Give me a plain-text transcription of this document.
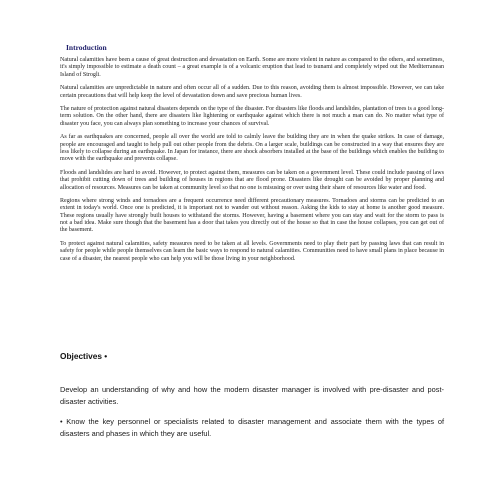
Introduction

Natural calamities have been a cause of great destruction and devastation on Earth. Some are more violent in nature as compared to the others, and sometimes, it's simply impossible to estimate a death count – a great example is of a volcanic eruption that lead to tsunami and completely wiped out the Mediterranean Island of Strogli.

Natural calamities are unpredictable in nature and often occur all of a sudden. Due to this reason, avoiding them is almost impossible. However, we can take certain precautions that will help keep the level of devastation down and save precious human lives.

The nature of protection against natural disasters depends on the type of the disaster. For disasters like floods and landslides, plantation of trees is a good long-term solution. On the other hand, there are disasters like lightening or earthquake against which there is not much a man can do. No matter what type of disaster you face, you can always plan something to increase your chances of survival.

As far as earthquakes are concerned, people all over the world are told to calmly leave the building they are in when the quake strikes. In case of damage, people are encouraged and taught to help pull out other people from the debris. On a larger scale, buildings can be constructed in a way that ensures they are less likely to collapse during an earthquake. In Japan for instance, there are shock absorbers installed at the base of the buildings which enables the building to move with the earthquake and prevents collapse.

Floods and landslides are hard to avoid. However, to protect against them, measures can be taken on a government level. These could include passing of laws that prohibit cutting down of trees and building of houses in regions that are flood prone. Disasters like drought can be avoided by proper planning and allocation of resources. Measures can be taken at community level so that no one is misusing or over using their share of resources like water and food.

Regions where strong winds and tornadoes are a frequent occurrence need different precautionary measures. Tornadoes and storms can be predicted to an extent in today's world. Once one is predicted, it is important not to wander out without reason. Asking the kids to stay at home is another good measure. These regions usually have strongly built houses to withstand the storms. However, having a basement where you can stay and wait for the storm to pass is not a bad idea. Make sure though that the basement has a door that takes you directly out of the house so that in case the house collapses, you can get out of the basement.

To protect against natural calamities, safety measures need to be taken at all levels. Governments need to play their part by passing laws that can result in safety for people while people themselves can learn the basic ways to respond to natural calamities. Communities need to have small plans in place because in case of a disaster, the nearest people who can help you will be those living in your neighborhood.

Objectives •

Develop an understanding of why and how the modern disaster manager is involved with pre-disaster and post-disaster activities.

• Know the key personnel or specialists related to disaster management and associate them with the types of disasters and phases in which they are useful.
